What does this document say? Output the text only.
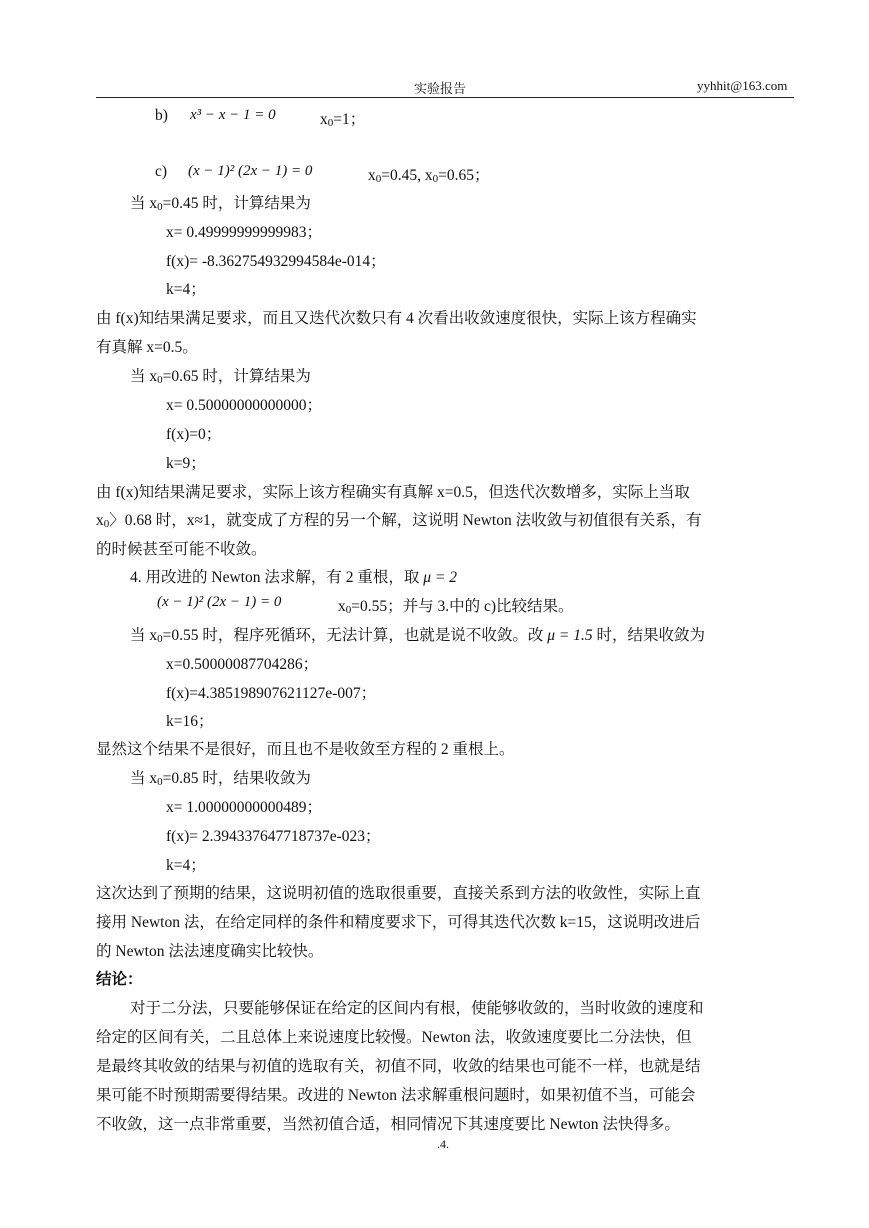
实验报告	yyhhit@163.com
b) x³ − x − 1 = 0	$x_0=1$；
c) (x − 1)² (2x − 1) = 0	$x_0=0.45$, $x_0=0.65$；
当 $x_0=0.45$ 时，计算结果为
x= 0.49999999999983；
f(x)= -8.362754932994584e-014；
k=4；
由 f(x)知结果满足要求，而且又迭代次数只有 4 次看出收敛速度很快，实际上该方程确实
有真解 x=0.5。
当 $x_0=0.65$ 时，计算结果为
x= 0.50000000000000；
f(x)=0；
k=9；
由 f(x)知结果满足要求，实际上该方程确实有真解 x=0.5，但迭代次数增多，实际上当取
$x_0$〉0.68 时，x≈1，就变成了方程的另一个解，这说明 Newton 法收敛与初值很有关系，有
的时候甚至可能不收敛。
4. 用改进的 Newton 法求解，有 2 重根，取 μ = 2
(x − 1)² (2x − 1) = 0	$x_0=0.55$；并与 3.中的 c)比较结果。
当 $x_0=0.55$ 时，程序死循环，无法计算，也就是说不收敛。改 μ = 1.5 时，结果收敛为
x=0.50000087704286；
f(x)=4.385198907621127e-007；
k=16；
显然这个结果不是很好，而且也不是收敛至方程的 2 重根上。
当 $x_0=0.85$ 时，结果收敛为
x= 1.00000000000489；
f(x)= 2.394337647718737e-023；
k=4；
这次达到了预期的结果，这说明初值的选取很重要，直接关系到方法的收敛性，实际上直
接用 Newton 法，在给定同样的条件和精度要求下，可得其迭代次数 k=15，这说明改进后
的 Newton 法法速度确实比较快。
结论：
对于二分法，只要能够保证在给定的区间内有根，使能够收敛的，当时收敛的速度和
给定的区间有关，二且总体上来说速度比较慢。Newton 法，收敛速度要比二分法快，但
是最终其收敛的结果与初值的选取有关，初值不同，收敛的结果也可能不一样，也就是结
果可能不时预期需要得结果。改进的 Newton 法求解重根问题时，如果初值不当，可能会
不收敛，这一点非常重要，当然初值合适，相同情况下其速度要比 Newton 法快得多。
.4.
